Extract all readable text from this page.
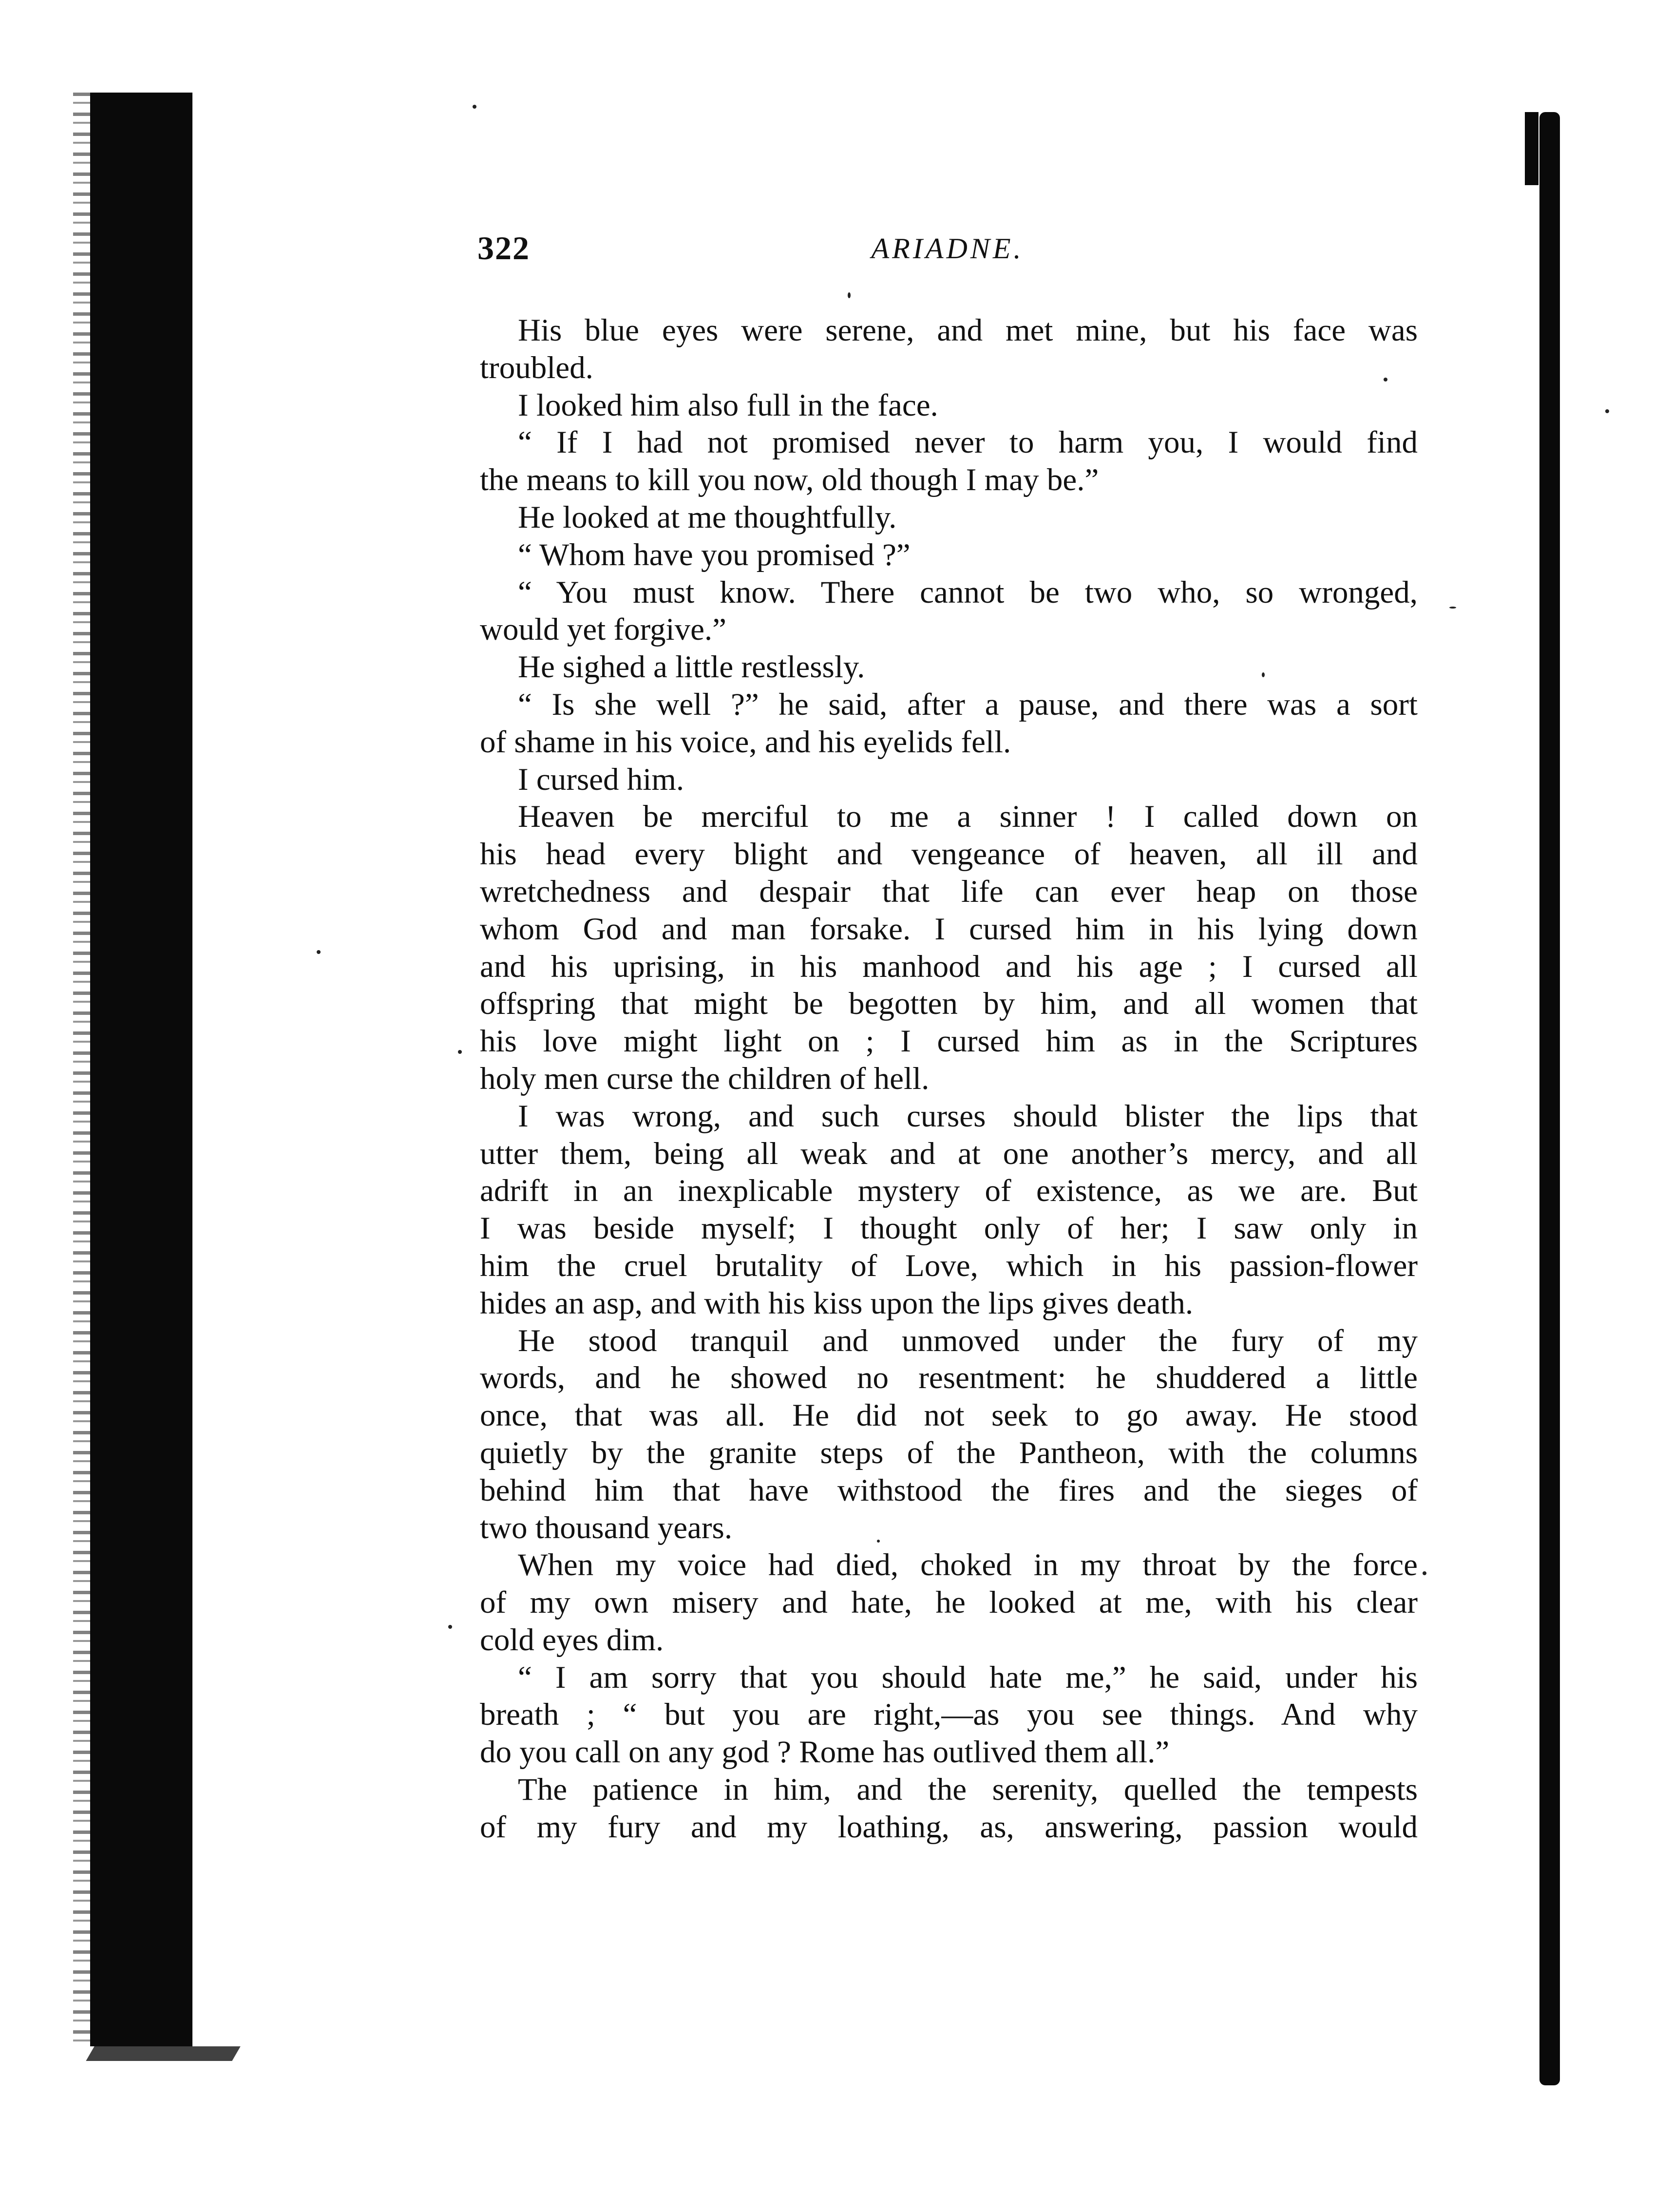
322	ARIADNE.
His blue eyes were serene, and met mine, but his face was
troubled.
I looked him also full in the face.
“ If I had not promised never to harm you, I would find
the means to kill you now, old though I may be.”
He looked at me thoughtfully.
“ Whom have you promised ?”
“ You must know. There cannot be two who, so wronged,
would yet forgive.”
He sighed a little restlessly.
“ Is she well ?” he said, after a pause, and there was a sort
of shame in his voice, and his eyelids fell.
I cursed him.
Heaven be merciful to me a sinner ! I called down on
his head every blight and vengeance of heaven, all ill and
wretchedness and despair that life can ever heap on those
whom God and man forsake. I cursed him in his lying down
and his uprising, in his manhood and his age ; I cursed all
offspring that might be begotten by him, and all women that
his love might light on ; I cursed him as in the Scriptures
holy men curse the children of hell.
I was wrong, and such curses should blister the lips that
utter them, being all weak and at one another’s mercy, and all
adrift in an inexplicable mystery of existence, as we are. But
I was beside myself; I thought only of her; I saw only in
him the cruel brutality of Love, which in his passion-flower
hides an asp, and with his kiss upon the lips gives death.
He stood tranquil and unmoved under the fury of my
words, and he showed no resentment: he shuddered a little
once, that was all. He did not seek to go away. He stood
quietly by the granite steps of the Pantheon, with the columns
behind him that have withstood the fires and the sieges of
two thousand years.
When my voice had died, choked in my throat by the force
of my own misery and hate, he looked at me, with his clear
cold eyes dim.
“ I am sorry that you should hate me,” he said, under his
breath ; “ but you are right,—as you see things. And why
do you call on any god ? Rome has outlived them all.”
The patience in him, and the serenity, quelled the tempests
of my fury and my loathing, as, answering, passion would
